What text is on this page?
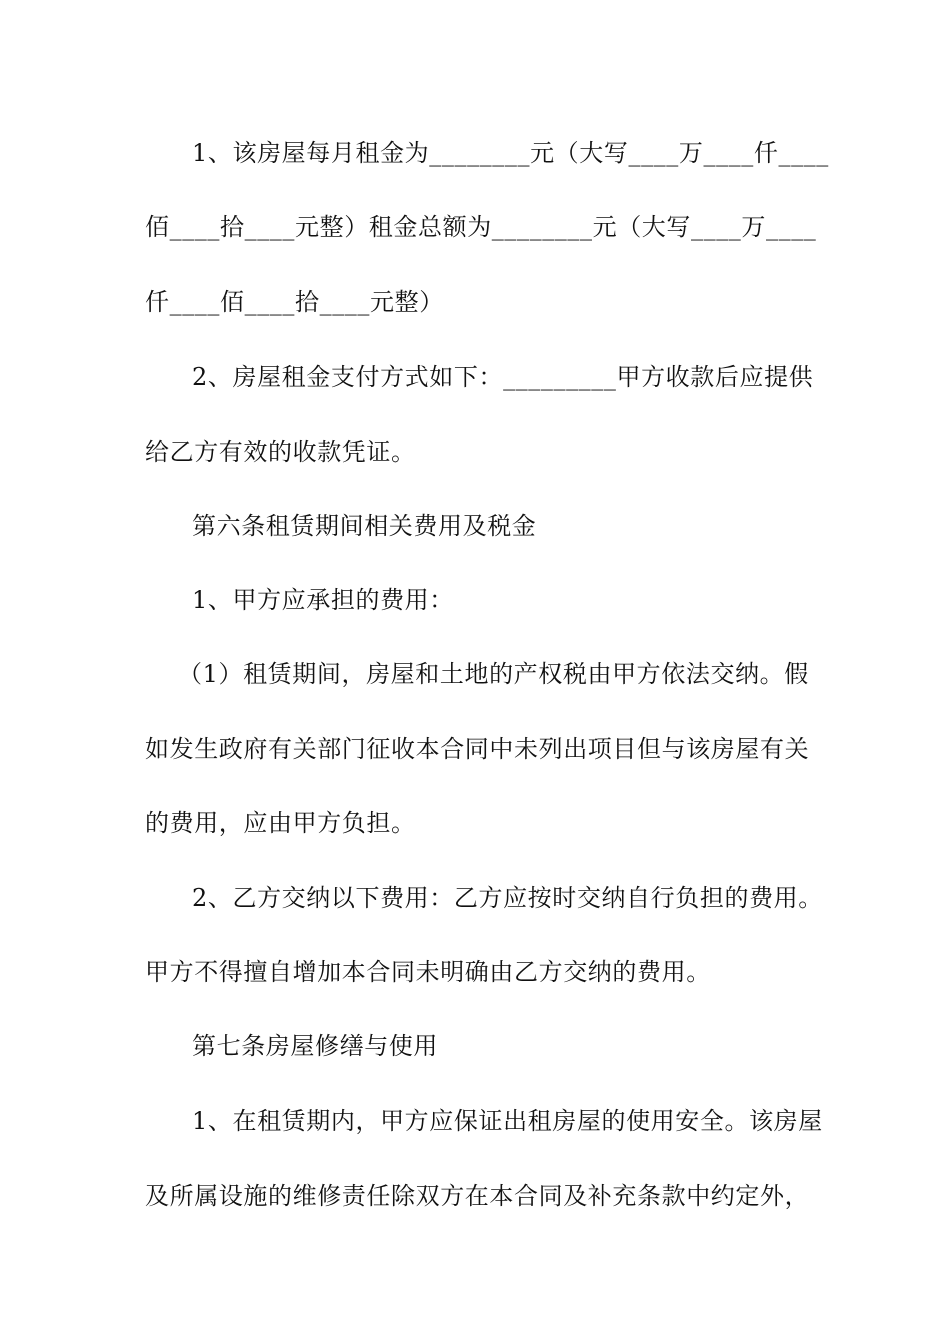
1、该房屋每月租金为________元（大写____万____仟____
佰____拾____元整）租金总额为________元（大写____万____
仟____佰____拾____元整）
2、房屋租金支付方式如下：_________甲方收款后应提供
给乙方有效的收款凭证。
第六条租赁期间相关费用及税金
1、甲方应承担的费用：
（1）租赁期间，房屋和土地的产权税由甲方依法交纳。假
如发生政府有关部门征收本合同中未列出项目但与该房屋有关
的费用，应由甲方负担。
2、乙方交纳以下费用：乙方应按时交纳自行负担的费用。
甲方不得擅自增加本合同未明确由乙方交纳的费用。
第七条房屋修缮与使用
1、在租赁期内，甲方应保证出租房屋的使用安全。该房屋
及所属设施的维修责任除双方在本合同及补充条款中约定外，
